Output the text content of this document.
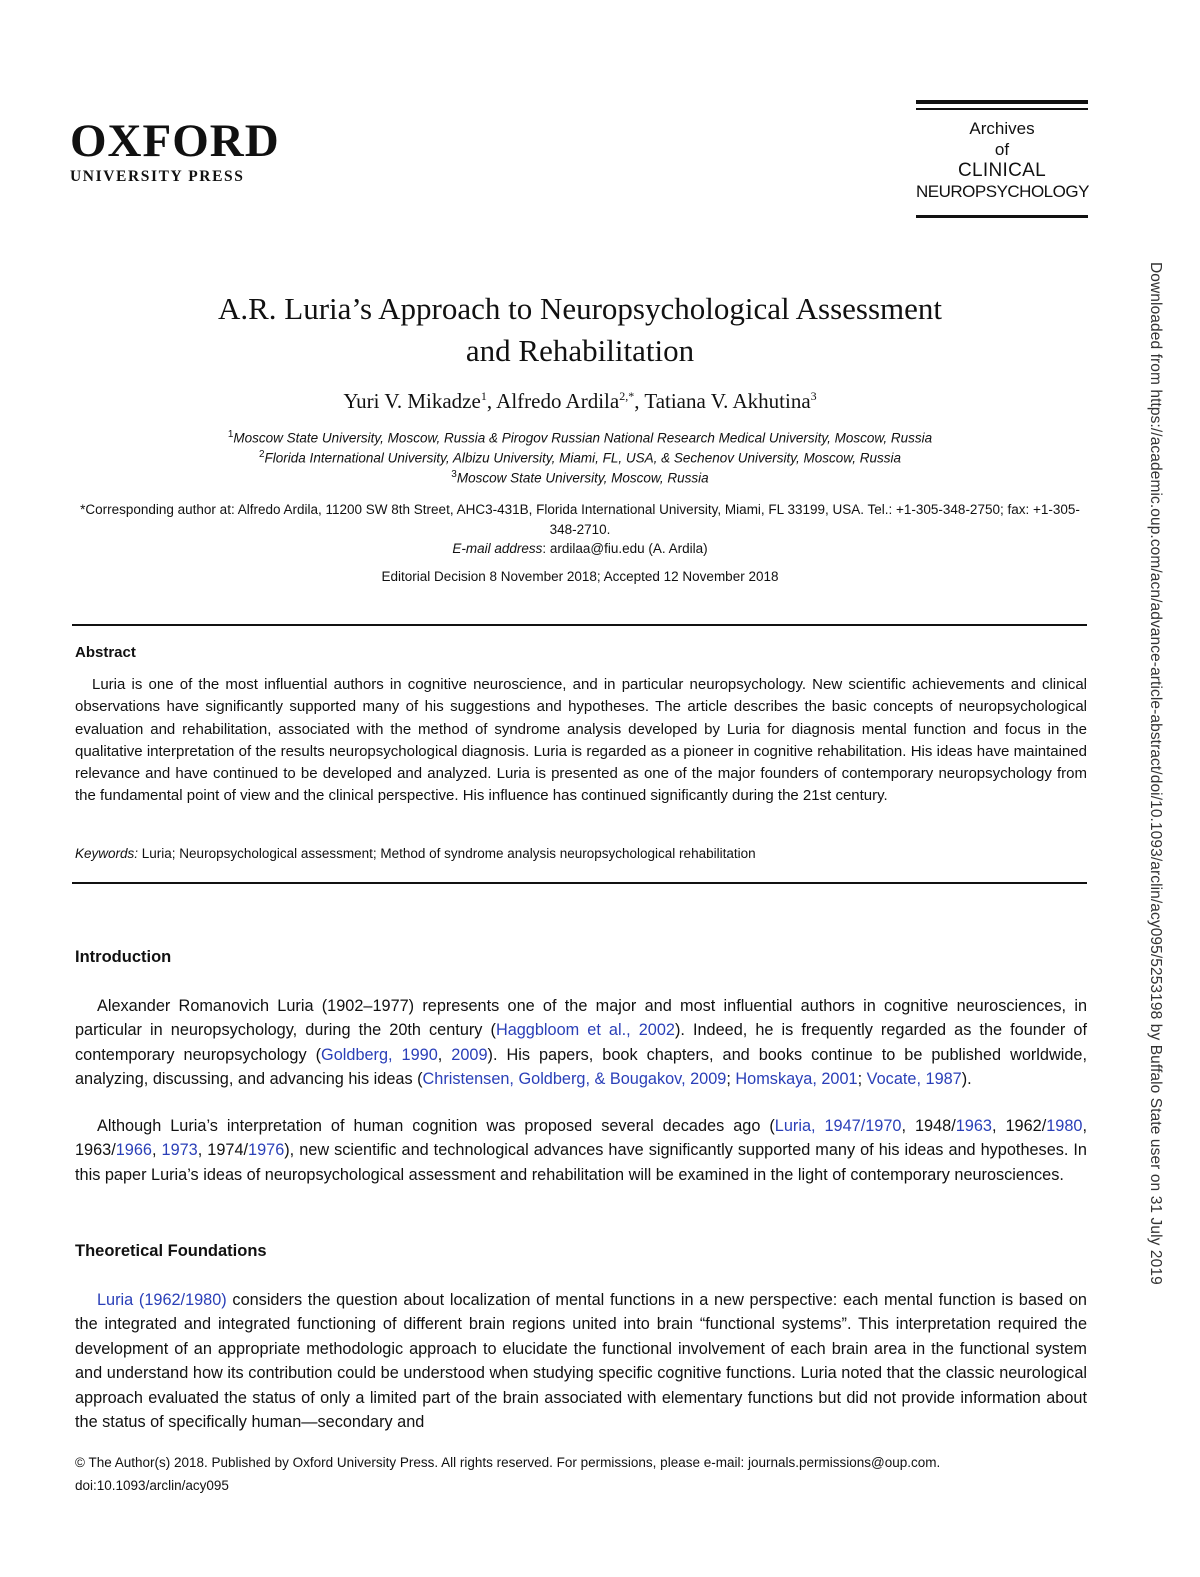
OXFORD
UNIVERSITY PRESS
Archives
of
CLINICAL
NEUROPSYCHOLOGY
Downloaded from https://academic.oup.com/acn/advance-article-abstract/doi/10.1093/arclin/acy095/5253198 by Buffalo State user on 31 July 2019
A.R. Luria’s Approach to Neuropsychological Assessment
and Rehabilitation
Yuri V. Mikadze$^1$, Alfredo Ardila$^{2,*}$, Tatiana V. Akhutina$^3$
$^1$Moscow State University, Moscow, Russia & Pirogov Russian National Research Medical University, Moscow, Russia
$^2$Florida International University, Albizu University, Miami, FL, USA, & Sechenov University, Moscow, Russia
$^3$Moscow State University, Moscow, Russia
*Corresponding author at: Alfredo Ardila, 11200 SW 8th Street, AHC3-431B, Florida International University, Miami, FL 33199, USA. Tel.: +1-305-348-2750; fax: +1-305-348-2710.
E-mail address: ardilaa@fiu.edu (A. Ardila)
Editorial Decision 8 November 2018; Accepted 12 November 2018
Abstract
Luria is one of the most influential authors in cognitive neuroscience, and in particular neuropsychology. New scientific achievements and clinical observations have significantly supported many of his suggestions and hypotheses. The article describes the basic concepts of neuropsychological evaluation and rehabilitation, associated with the method of syndrome analysis developed by Luria for diagnosis mental function and focus in the qualitative interpretation of the results neuropsychological diagnosis. Luria is regarded as a pioneer in cognitive rehabilitation. His ideas have maintained relevance and have continued to be developed and analyzed. Luria is presented as one of the major founders of contemporary neuropsychology from the fundamental point of view and the clinical perspective. His influence has continued significantly during the 21st century.
Keywords: Luria; Neuropsychological assessment; Method of syndrome analysis neuropsychological rehabilitation
Introduction
Alexander Romanovich Luria (1902–1977) represents one of the major and most influential authors in cognitive neurosciences, in particular in neuropsychology, during the 20th century (Haggbloom et al., 2002). Indeed, he is frequently regarded as the founder of contemporary neuropsychology (Goldberg, 1990, 2009). His papers, book chapters, and books continue to be published worldwide, analyzing, discussing, and advancing his ideas (Christensen, Goldberg, & Bougakov, 2009; Homskaya, 2001; Vocate, 1987).
Although Luria’s interpretation of human cognition was proposed several decades ago (Luria, 1947/1970, 1948/1963, 1962/1980, 1963/1966, 1973, 1974/1976), new scientific and technological advances have significantly supported many of his ideas and hypotheses. In this paper Luria’s ideas of neuropsychological assessment and rehabilitation will be examined in the light of contemporary neurosciences.
Theoretical Foundations
Luria (1962/1980) considers the question about localization of mental functions in a new perspective: each mental function is based on the integrated and integrated functioning of different brain regions united into brain “functional systems”. This interpretation required the development of an appropriate methodologic approach to elucidate the functional involvement of each brain area in the functional system and understand how its contribution could be understood when studying specific cognitive functions. Luria noted that the classic neurological approach evaluated the status of only a limited part of the brain associated with elementary functions but did not provide information about the status of specifically human—secondary and
© The Author(s) 2018. Published by Oxford University Press. All rights reserved. For permissions, please e-mail: journals.permissions@oup.com.
doi:10.1093/arclin/acy095
